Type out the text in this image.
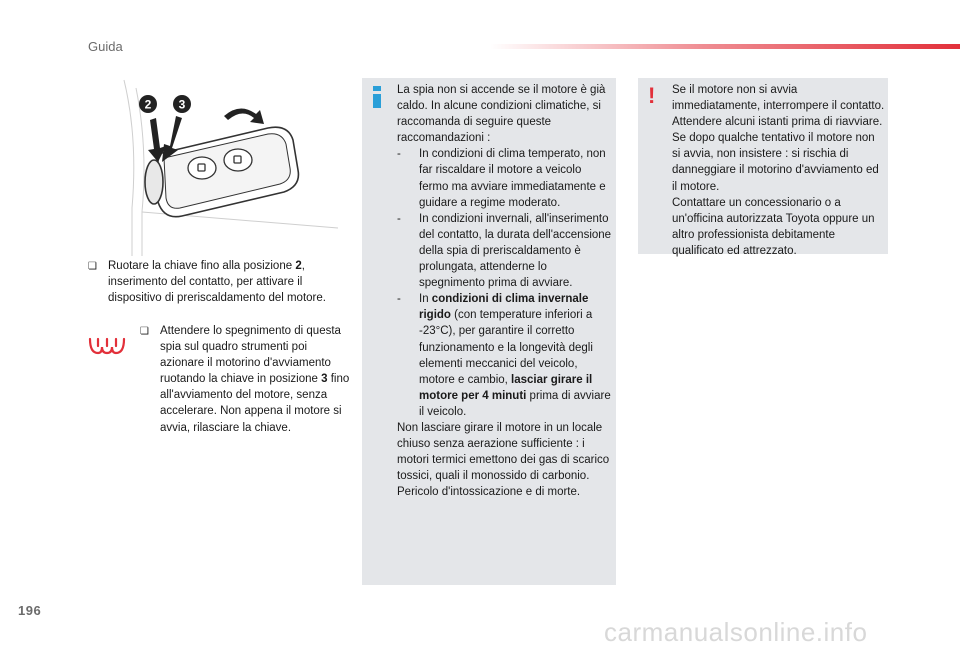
Guida
2 3
❏ Ruotare la chiave fino alla posizione 2, inserimento del contatto, per attivare il dispositivo di preriscaldamento del motore.
❏ Attendere lo spegnimento di questa spia sul quadro strumenti poi azionare il motorino d'avviamento ruotando la chiave in posizione 3 fino all'avviamento del motore, senza accelerare. Non appena il motore si avvia, rilasciare la chiave.

La spia non si accende se il motore è già caldo. In alcune condizioni climatiche, si raccomanda di seguire queste raccomandazioni :

- In condizioni di clima temperato, non far riscaldare il motore a veicolo fermo ma avviare immediatamente e guidare a regime moderato.

- In condizioni invernali, all'inserimento del contatto, la durata dell'accensione della spia di preriscaldamento è prolungata, attenderne lo spegnimento prima di avviare.

- In condizioni di clima invernale rigido (con temperature inferiori a -23°C), per garantire il corretto funzionamento e la longevità degli elementi meccanici del veicolo, motore e cambio, lasciar girare il motore per 4 minuti prima di avviare il veicolo.

Non lasciare girare il motore in un locale chiuso senza aerazione sufficiente : i motori termici emettono dei gas di scarico tossici, quali il monossido di carbonio. Pericolo d'intossicazione e di morte.

! Se il motore non si avvia immediatamente, interrompere il contatto.
Attendere alcuni istanti prima di riavviare. Se dopo qualche tentativo il motore non si avvia, non insistere : si rischia di danneggiare il motorino d'avviamento ed il motore.
Contattare un concessionario o a un'officina autorizzata Toyota oppure un altro professionista debitamente qualificato ed attrezzato.
196
carmanualsonline.info
